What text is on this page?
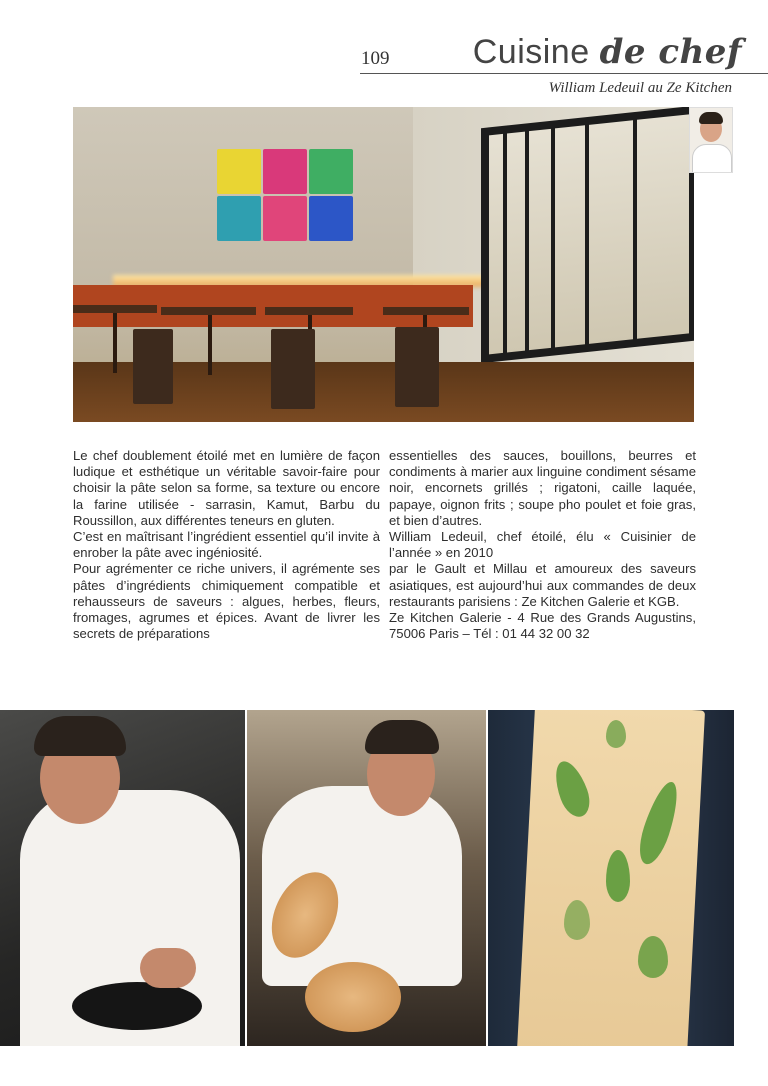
109 Cuisine de chef
William Ledeuil au Ze Kitchen

Le chef doublement étoilé met en lumière de façon ludique et esthétique un véritable savoir-faire pour choisir la pâte selon sa forme, sa texture ou encore la farine utilisée - sarrasin, Kamut, Barbu du Roussillon, aux différentes teneurs en gluten.

C’est en maîtrisant l’ingrédient essentiel qu’il invite à enrober la pâte avec ingéniosité.

Pour agrémenter ce riche univers, il agrémente ses pâtes d’ingrédients chimiquement compatible et rehausseurs de saveurs : algues, herbes, fleurs, fromages, agrumes et épices. Avant de livrer les secrets de préparations

essentielles des sauces, bouillons, beurres et condiments à marier aux linguine condiment sésame noir, encornets grillés ; rigatoni, caille laquée, papaye, oignon frits ; soupe pho poulet et foie gras, et bien d’autres.

William Ledeuil, chef étoilé, élu « Cuisinier de l’année » en 2010

par le Gault et Millau et amoureux des saveurs asiatiques, est aujourd’hui aux commandes de deux restaurants parisiens : Ze Kitchen Galerie et KGB.

Ze Kitchen Galerie - 4 Rue des Grands Augustins, 75006 Paris – Tél : 01 44 32 00 32
